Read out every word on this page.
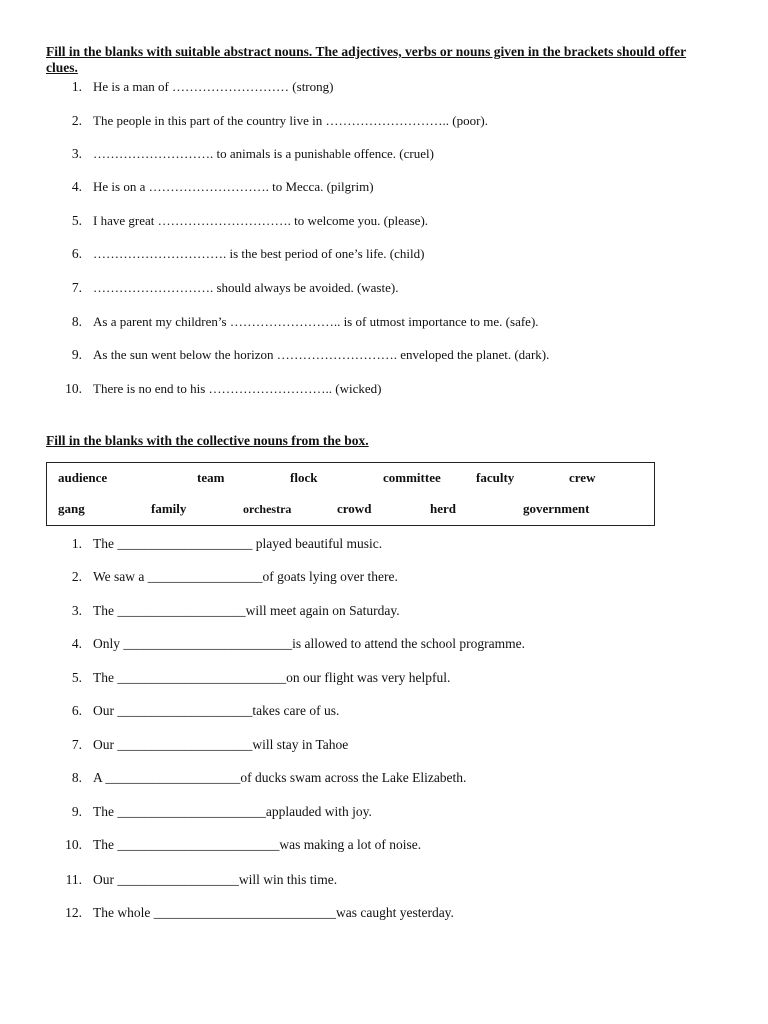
Fill in the blanks with suitable abstract nouns. The adjectives, verbs or nouns given in the brackets should offer clues.

1. He is a man of ……………………… (strong)
2. The people in this part of the country live in ……………………….. (poor).
3. ………………………. to animals is a punishable offence. (cruel)
4. He is on a ………………………. to Mecca. (pilgrim)
5. I have great …………………………. to welcome you. (please).
6. …………………………. is the best period of one’s life. (child)
7. ………………………. should always be avoided. (waste).
8. As a parent my children’s …………………….. is of utmost importance to me. (safe).
9. As the sun went below the horizon ………………………. enveloped the planet. (dark).
10. There is no end to his ……………………….. (wicked)

Fill in the blanks with the collective nouns from the box.

audience	team	flock	committee	faculty	crew
gang	family	orchestra	crowd	herd	government
1. The ____________________ played beautiful music.
2. We saw a _________________of goats lying over there.
3. The ___________________will meet again on Saturday.
4. Only _________________________is allowed to attend the school programme.
5. The _________________________on our flight was very helpful.
6. Our ____________________takes care of us.
7. Our ____________________will stay in Tahoe
8. A ____________________of ducks swam across the Lake Elizabeth.
9. The ______________________applauded with joy.
10. The ________________________was making a lot of noise.
11. Our __________________will win this time.
12. The whole ___________________________was caught yesterday.
